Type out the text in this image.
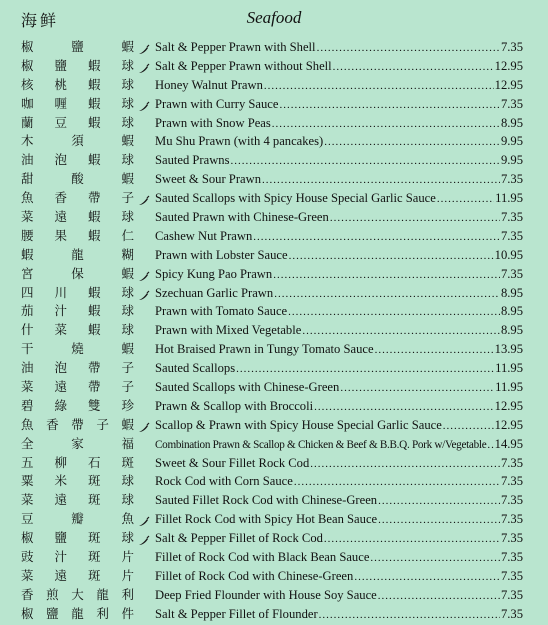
Seafood
海鲜
椒	鹽	蝦 Salt & Pepper Prawn with Shell .....	7.35
椒 鹽 蝦 球 Salt & Pepper Prawn without Shell .....	12.95
核 桃 蝦 球 Honey Walnut Prawn .....	12.95
咖 喱 蝦 球 Prawn with Curry Sauce .....	7.35
蘭 豆 蝦 球 Prawn with Snow Peas .....	8.95
木	須	蝦 Mu Shu Prawn (with 4 pancakes) .....	9.95
油 泡 蝦 球 Sauted Prawns .....	9.95
甜	酸	蝦 Sweet & Sour Prawn .....	7.35
魚 香 帶 子 Sauted Scallops with Spicy House Special Garlic Sauce .....	11.95
菜 遠 蝦 球 Sauted Prawn with Chinese-Green .....	7.35
腰 果 蝦 仁 Cashew Nut Prawn .....	7.35
蝦	龍	糊 Prawn with Lobster Sauce .....	10.95
宮	保	蝦 Spicy Kung Pao Prawn .....	7.35
四 川 蝦 球 Szechuan Garlic Prawn .....	8.95
茄 汁 蝦 球 Prawn with Tomato Sauce .....	8.95
什 菜 蝦 球 Prawn with Mixed Vegetable .....	8.95
干	燒	蝦 Hot Braised Prawn in Tungy Tomato Sauce .....	13.95
油 泡 帶 子 Sauted Scallops .....	11.95
菜 遠 帶 子 Sauted Scallops with Chinese-Green .....	11.95
碧 綠 雙 珍 Prawn & Scallop with Broccoli .....	12.95
魚 香 帶 子 蝦 Scallop & Prawn with Spicy House Special Garlic Sauce .....	12.95
全	家	福 Combination Prawn & Scallop & Chicken & Beef & B.B.Q. Pork w/Vegetable ..... 14.95
五 柳 石 斑 Sweet & Sour Fillet Rock Cod .....	7.35
粟 米 斑 球 Rock Cod with Corn Sauce .....	7.35
菜 遠 斑 球 Sauted Fillet Rock Cod with Chinese-Green .....	7.35
豆	瓣	魚 Fillet Rock Cod with Spicy Hot Bean Sauce .....	7.35
椒 鹽 斑 球 Salt & Pepper Fillet of Rock Cod .....	7.35
豉 汁 斑 片 Fillet of Rock Cod with Black Bean Sauce .....	7.35
菜 遠 斑 片 Fillet of Rock Cod with Chinese-Green .....	7.35
香 煎 大 龍 利 Deep Fried Flounder with House Soy Sauce .....	7.35
椒 鹽 龍 利 件 Salt & Pepper Fillet of Flounder .....	7.35
